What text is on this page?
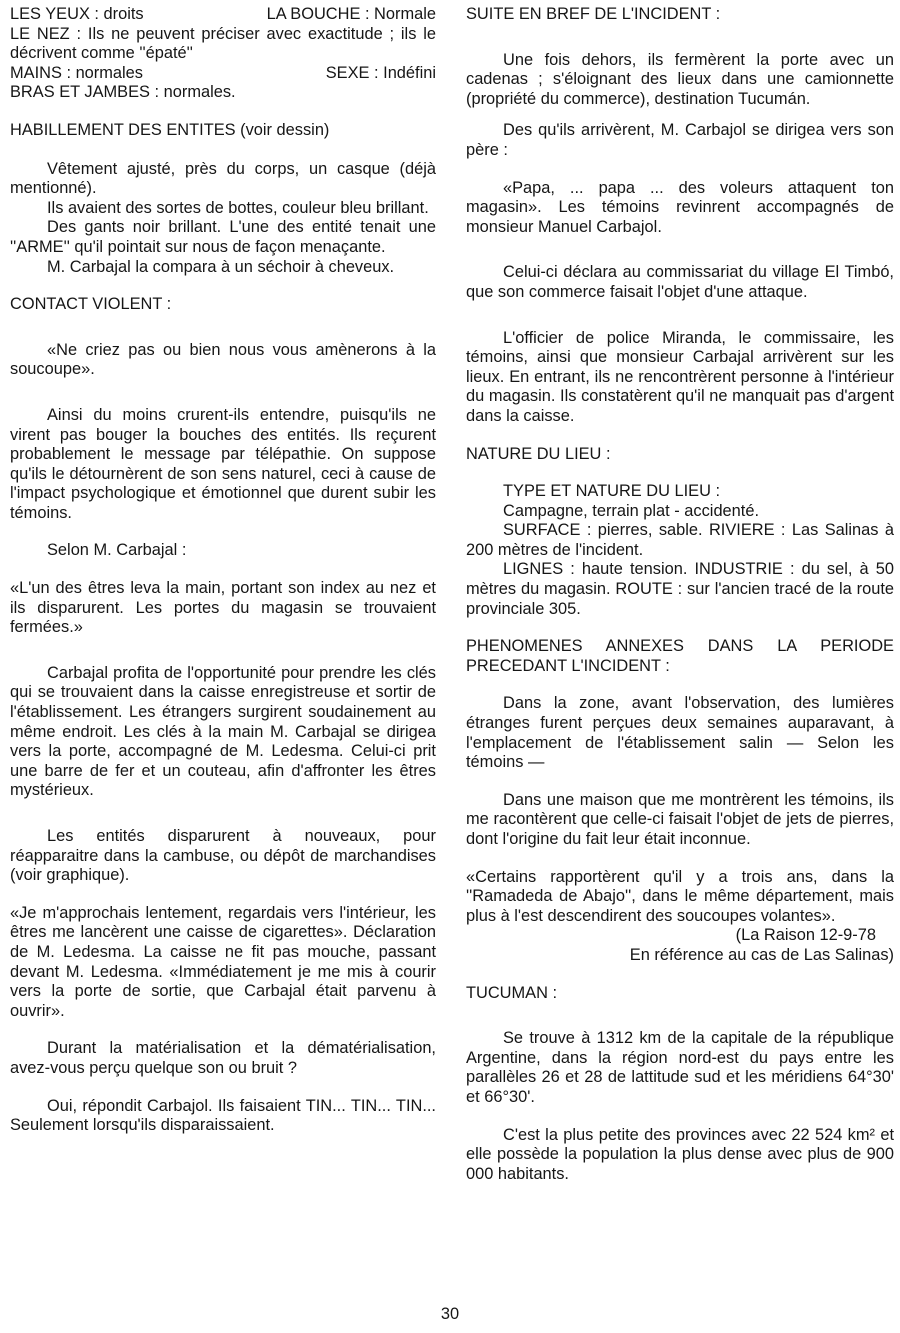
LES YEUX : droits	LA BOUCHE : Normale

LE NEZ : Ils ne peuvent préciser avec exactitude ; ils le décrivent comme ''épaté''

MAINS : normales	SEXE : Indéfini

BRAS ET JAMBES : normales.

HABILLEMENT DES ENTITES (voir dessin)

Vêtement ajusté, près du corps, un casque (déjà mentionné).

Ils avaient des sortes de bottes, couleur bleu brillant.

Des gants noir brillant. L'une des entité tenait une ''ARME'' qu'il pointait sur nous de façon menaçante.

M. Carbajal la compara à un séchoir à cheveux.

CONTACT VIOLENT :

«Ne criez pas ou bien nous vous amènerons à la soucoupe».

Ainsi du moins crurent-ils entendre, puisqu'ils ne virent pas bouger la bouches des entités. Ils reçurent probablement le message par télépathie. On suppose qu'ils le détournèrent de son sens naturel, ceci à cause de l'impact psychologique et émotionnel que durent subir les témoins.

Selon M. Carbajal :

«L'un des êtres leva la main, portant son index au nez et ils disparurent. Les portes du magasin se trouvaient fermées.»

Carbajal profita de l'opportunité pour prendre les clés qui se trouvaient dans la caisse enregistreuse et sortir de l'établissement. Les étrangers surgirent soudainement au même endroit. Les clés à la main M. Carbajal se dirigea vers la porte, accompagné de M. Ledesma. Celui-ci prit une barre de fer et un couteau, afin d'affronter les êtres mystérieux.

Les entités disparurent à nouveaux, pour réapparaitre dans la cambuse, ou dépôt de marchandises (voir graphique).

«Je m'approchais lentement, regardais vers l'intérieur, les êtres me lancèrent une caisse de cigarettes». Déclaration de M. Ledesma. La caisse ne fit pas mouche, passant devant M. Ledesma. «Immédiatement je me mis à courir vers la porte de sortie, que Carbajal était parvenu à ouvrir».

Durant la matérialisation et la dématérialisation, avez-vous perçu quelque son ou bruit ?

Oui, répondit Carbajol. Ils faisaient TIN... TIN... TIN... Seulement lorsqu'ils disparaissaient.

SUITE EN BREF DE L'INCIDENT :

Une fois dehors, ils fermèrent la porte avec un cadenas ; s'éloignant des lieux dans une camionnette (propriété du commerce), destination Tucumán.

Des qu'ils arrivèrent, M. Carbajol se dirigea vers son père :

«Papa, ... papa ... des voleurs attaquent ton magasin». Les témoins revinrent accompagnés de monsieur Manuel Carbajol.

Celui-ci déclara au commissariat du village El Timbó, que son commerce faisait l'objet d'une attaque.

L'officier de police Miranda, le commissaire, les témoins, ainsi que monsieur Carbajal arrivèrent sur les lieux. En entrant, ils ne rencontrèrent personne à l'intérieur du magasin. Ils constatèrent qu'il ne manquait pas d'argent dans la caisse.

NATURE DU LIEU :

TYPE ET NATURE DU LIEU :

Campagne, terrain plat - accidenté.

SURFACE : pierres, sable. RIVIERE : Las Salinas à 200 mètres de l'incident.

LIGNES : haute tension. INDUSTRIE : du sel, à 50 mètres du magasin. ROUTE : sur l'ancien tracé de la route provinciale 305.

PHENOMENES ANNEXES DANS LA PERIODE PRECEDANT L'INCIDENT :

Dans la zone, avant l'observation, des lumières étranges furent perçues deux semaines auparavant, à l'emplacement de l'établissement salin — Selon les témoins —

Dans une maison que me montrèrent les témoins, ils me racontèrent que celle-ci faisait l'objet de jets de pierres, dont l'origine du fait leur était inconnue.

«Certains rapportèrent qu'il y a trois ans, dans la ''Ramadeda de Abajo'', dans le même département, mais plus à l'est descendirent des soucoupes volantes».

(La Raison 12-9-78

En référence au cas de Las Salinas)

TUCUMAN :

Se trouve à 1312 km de la capitale de la république Argentine, dans la région nord-est du pays entre les parallèles 26 et 28 de lattitude sud et les méridiens 64°30' et 66°30'.

C'est la plus petite des provinces avec 22 524 km² et elle possède la population la plus dense avec plus de 900 000 habitants.

30
